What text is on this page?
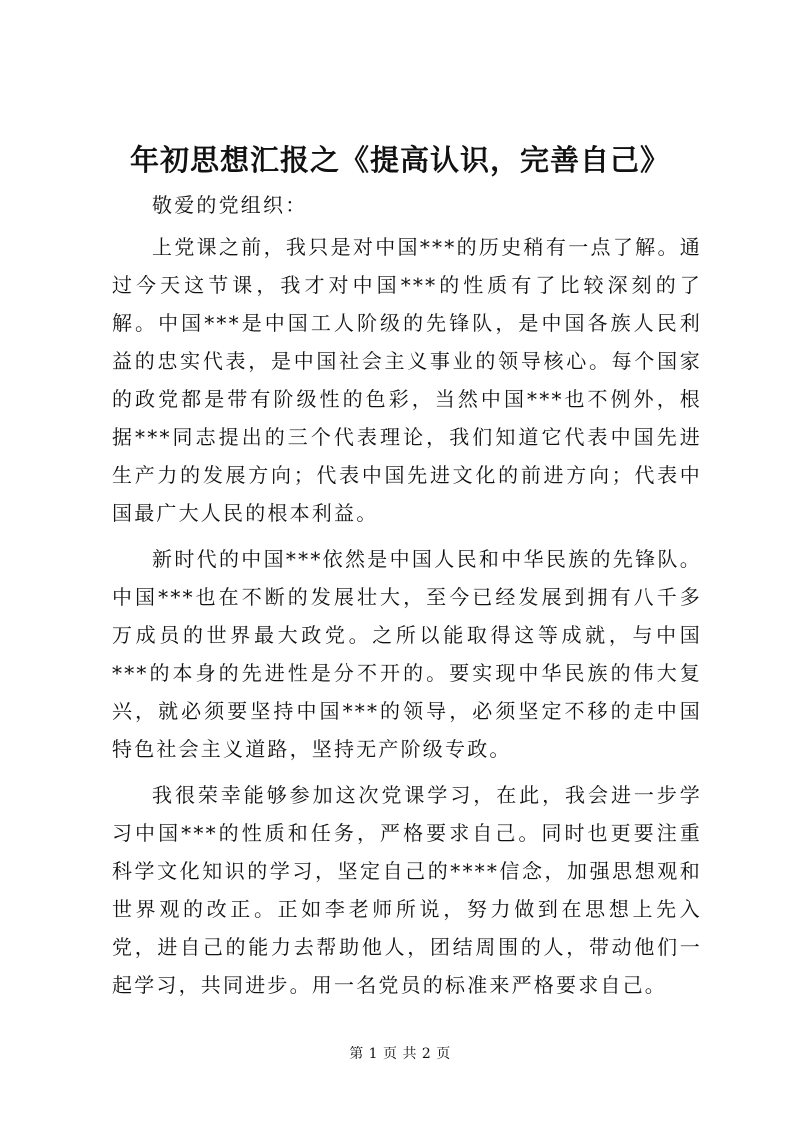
年初思想汇报之《提高认识，完善自己》

敬爱的党组织：

上党课之前，我只是对中国***的历史稍有一点了解。通过今天这节课，我才对中国***的性质有了比较深刻的了解。中国***是中国工人阶级的先锋队，是中国各族人民利益的忠实代表，是中国社会主义事业的领导核心。每个国家的政党都是带有阶级性的色彩，当然中国***也不例外，根据***同志提出的三个代表理论，我们知道它代表中国先进生产力的发展方向；代表中国先进文化的前进方向；代表中国最广大人民的根本利益。

新时代的中国***依然是中国人民和中华民族的先锋队。中国***也在不断的发展壮大，至今已经发展到拥有八千多万成员的世界最大政党。之所以能取得这等成就，与中国***的本身的先进性是分不开的。要实现中华民族的伟大复兴，就必须要坚持中国***的领导，必须坚定不移的走中国特色社会主义道路，坚持无产阶级专政。

我很荣幸能够参加这次党课学习，在此，我会进一步学习中国***的性质和任务，严格要求自己。同时也更要注重科学文化知识的学习，坚定自己的****信念，加强思想观和世界观的改正。正如李老师所说，努力做到在思想上先入党，进自己的能力去帮助他人，团结周围的人，带动他们一起学习，共同进步。用一名党员的标准来严格要求自己。

第 1 页 共 2 页
